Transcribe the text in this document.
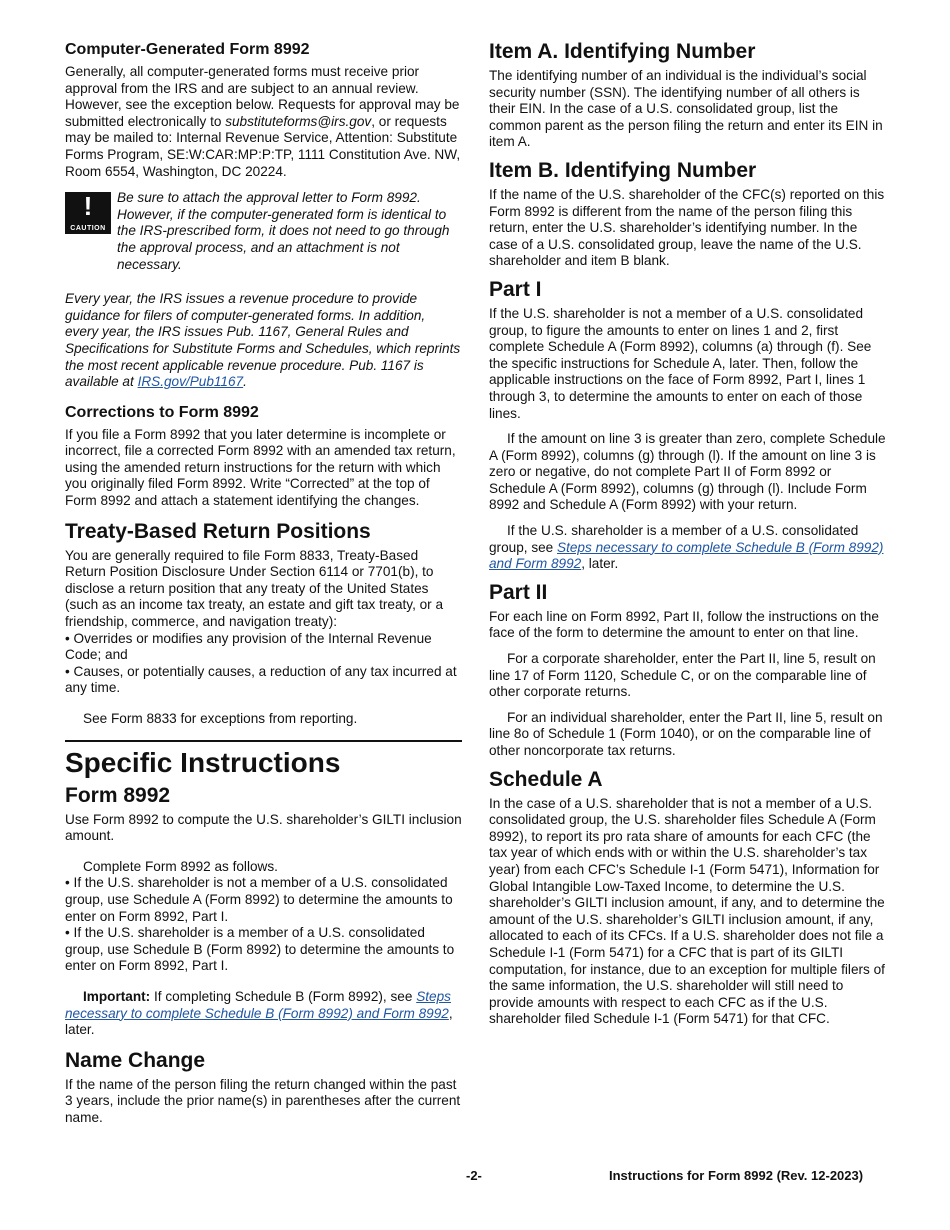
Computer-Generated Form 8992

Generally, all computer-generated forms must receive prior approval from the IRS and are subject to an annual review. However, see the exception below. Requests for approval may be submitted electronically to substituteforms@irs.gov, or requests may be mailed to: Internal Revenue Service, Attention: Substitute Forms Program, SE:W:CAR:MP:P:TP, 1111 Constitution Ave. NW, Room 6554, Washington, DC 20224.

!
CAUTION

Be sure to attach the approval letter to Form 8992. However, if the computer-generated form is identical to the IRS-prescribed form, it does not need to go through the approval process, and an attachment is not necessary.

Every year, the IRS issues a revenue procedure to provide guidance for filers of computer-generated forms. In addition, every year, the IRS issues Pub. 1167, General Rules and Specifications for Substitute Forms and Schedules, which reprints the most recent applicable revenue procedure. Pub. 1167 is available at IRS.gov/Pub1167.

Corrections to Form 8992

If you file a Form 8992 that you later determine is incomplete or incorrect, file a corrected Form 8992 with an amended tax return, using the amended return instructions for the return with which you originally filed Form 8992. Write “Corrected” at the top of Form 8992 and attach a statement identifying the changes.

Treaty-Based Return Positions

You are generally required to file Form 8833, Treaty-Based Return Position Disclosure Under Section 6114 or 7701(b), to disclose a return position that any treaty of the United States (such as an income tax treaty, an estate and gift tax treaty, or a friendship, commerce, and navigation treaty):

• Overrides or modifies any provision of the Internal Revenue Code; and

• Causes, or potentially causes, a reduction of any tax incurred at any time.

See Form 8833 for exceptions from reporting.

Specific Instructions
Form 8992

Use Form 8992 to compute the U.S. shareholder’s GILTI inclusion amount.

Complete Form 8992 as follows.

• If the U.S. shareholder is not a member of a U.S. consolidated group, use Schedule A (Form 8992) to determine the amounts to enter on Form 8992, Part I.

• If the U.S. shareholder is a member of a U.S. consolidated group, use Schedule B (Form 8992) to determine the amounts to enter on Form 8992, Part I.

Important: If completing Schedule B (Form 8992), see Steps necessary to complete Schedule B (Form 8992) and Form 8992, later.

Name Change

If the name of the person filing the return changed within the past 3 years, include the prior name(s) in parentheses after the current name.

Item A. Identifying Number

The identifying number of an individual is the individual’s social security number (SSN). The identifying number of all others is their EIN. In the case of a U.S. consolidated group, list the common parent as the person filing the return and enter its EIN in item A.

Item B. Identifying Number

If the name of the U.S. shareholder of the CFC(s) reported on this Form 8992 is different from the name of the person filing this return, enter the U.S. shareholder’s identifying number. In the case of a U.S. consolidated group, leave the name of the U.S. shareholder and item B blank.

Part I

If the U.S. shareholder is not a member of a U.S. consolidated group, to figure the amounts to enter on lines 1 and 2, first complete Schedule A (Form 8992), columns (a) through (f). See the specific instructions for Schedule A, later. Then, follow the applicable instructions on the face of Form 8992, Part I, lines 1 through 3, to determine the amounts to enter on each of those lines.

If the amount on line 3 is greater than zero, complete Schedule A (Form 8992), columns (g) through (l). If the amount on line 3 is zero or negative, do not complete Part II of Form 8992 or Schedule A (Form 8992), columns (g) through (l). Include Form 8992 and Schedule A (Form 8992) with your return.

If the U.S. shareholder is a member of a U.S. consolidated group, see Steps necessary to complete Schedule B (Form 8992) and Form 8992, later.

Part II

For each line on Form 8992, Part II, follow the instructions on the face of the form to determine the amount to enter on that line.

For a corporate shareholder, enter the Part II, line 5, result on line 17 of Form 1120, Schedule C, or on the comparable line of other corporate returns.

For an individual shareholder, enter the Part II, line 5, result on line 8o of Schedule 1 (Form 1040), or on the comparable line of other noncorporate tax returns.

Schedule A

In the case of a U.S. shareholder that is not a member of a U.S. consolidated group, the U.S. shareholder files Schedule A (Form 8992), to report its pro rata share of amounts for each CFC (the tax year of which ends with or within the U.S. shareholder’s tax year) from each CFC’s Schedule I-1 (Form 5471), Information for Global Intangible Low-Taxed Income, to determine the U.S. shareholder’s GILTI inclusion amount, if any, and to determine the amount of the U.S. shareholder’s GILTI inclusion amount, if any, allocated to each of its CFCs. If a U.S. shareholder does not file a Schedule I-1 (Form 5471) for a CFC that is part of its GILTI computation, for instance, due to an exception for multiple filers of the same information, the U.S. shareholder will still need to provide amounts with respect to each CFC as if the U.S. shareholder filed Schedule I-1 (Form 5471) for that CFC.

-2-	Instructions for Form 8992 (Rev. 12-2023)
